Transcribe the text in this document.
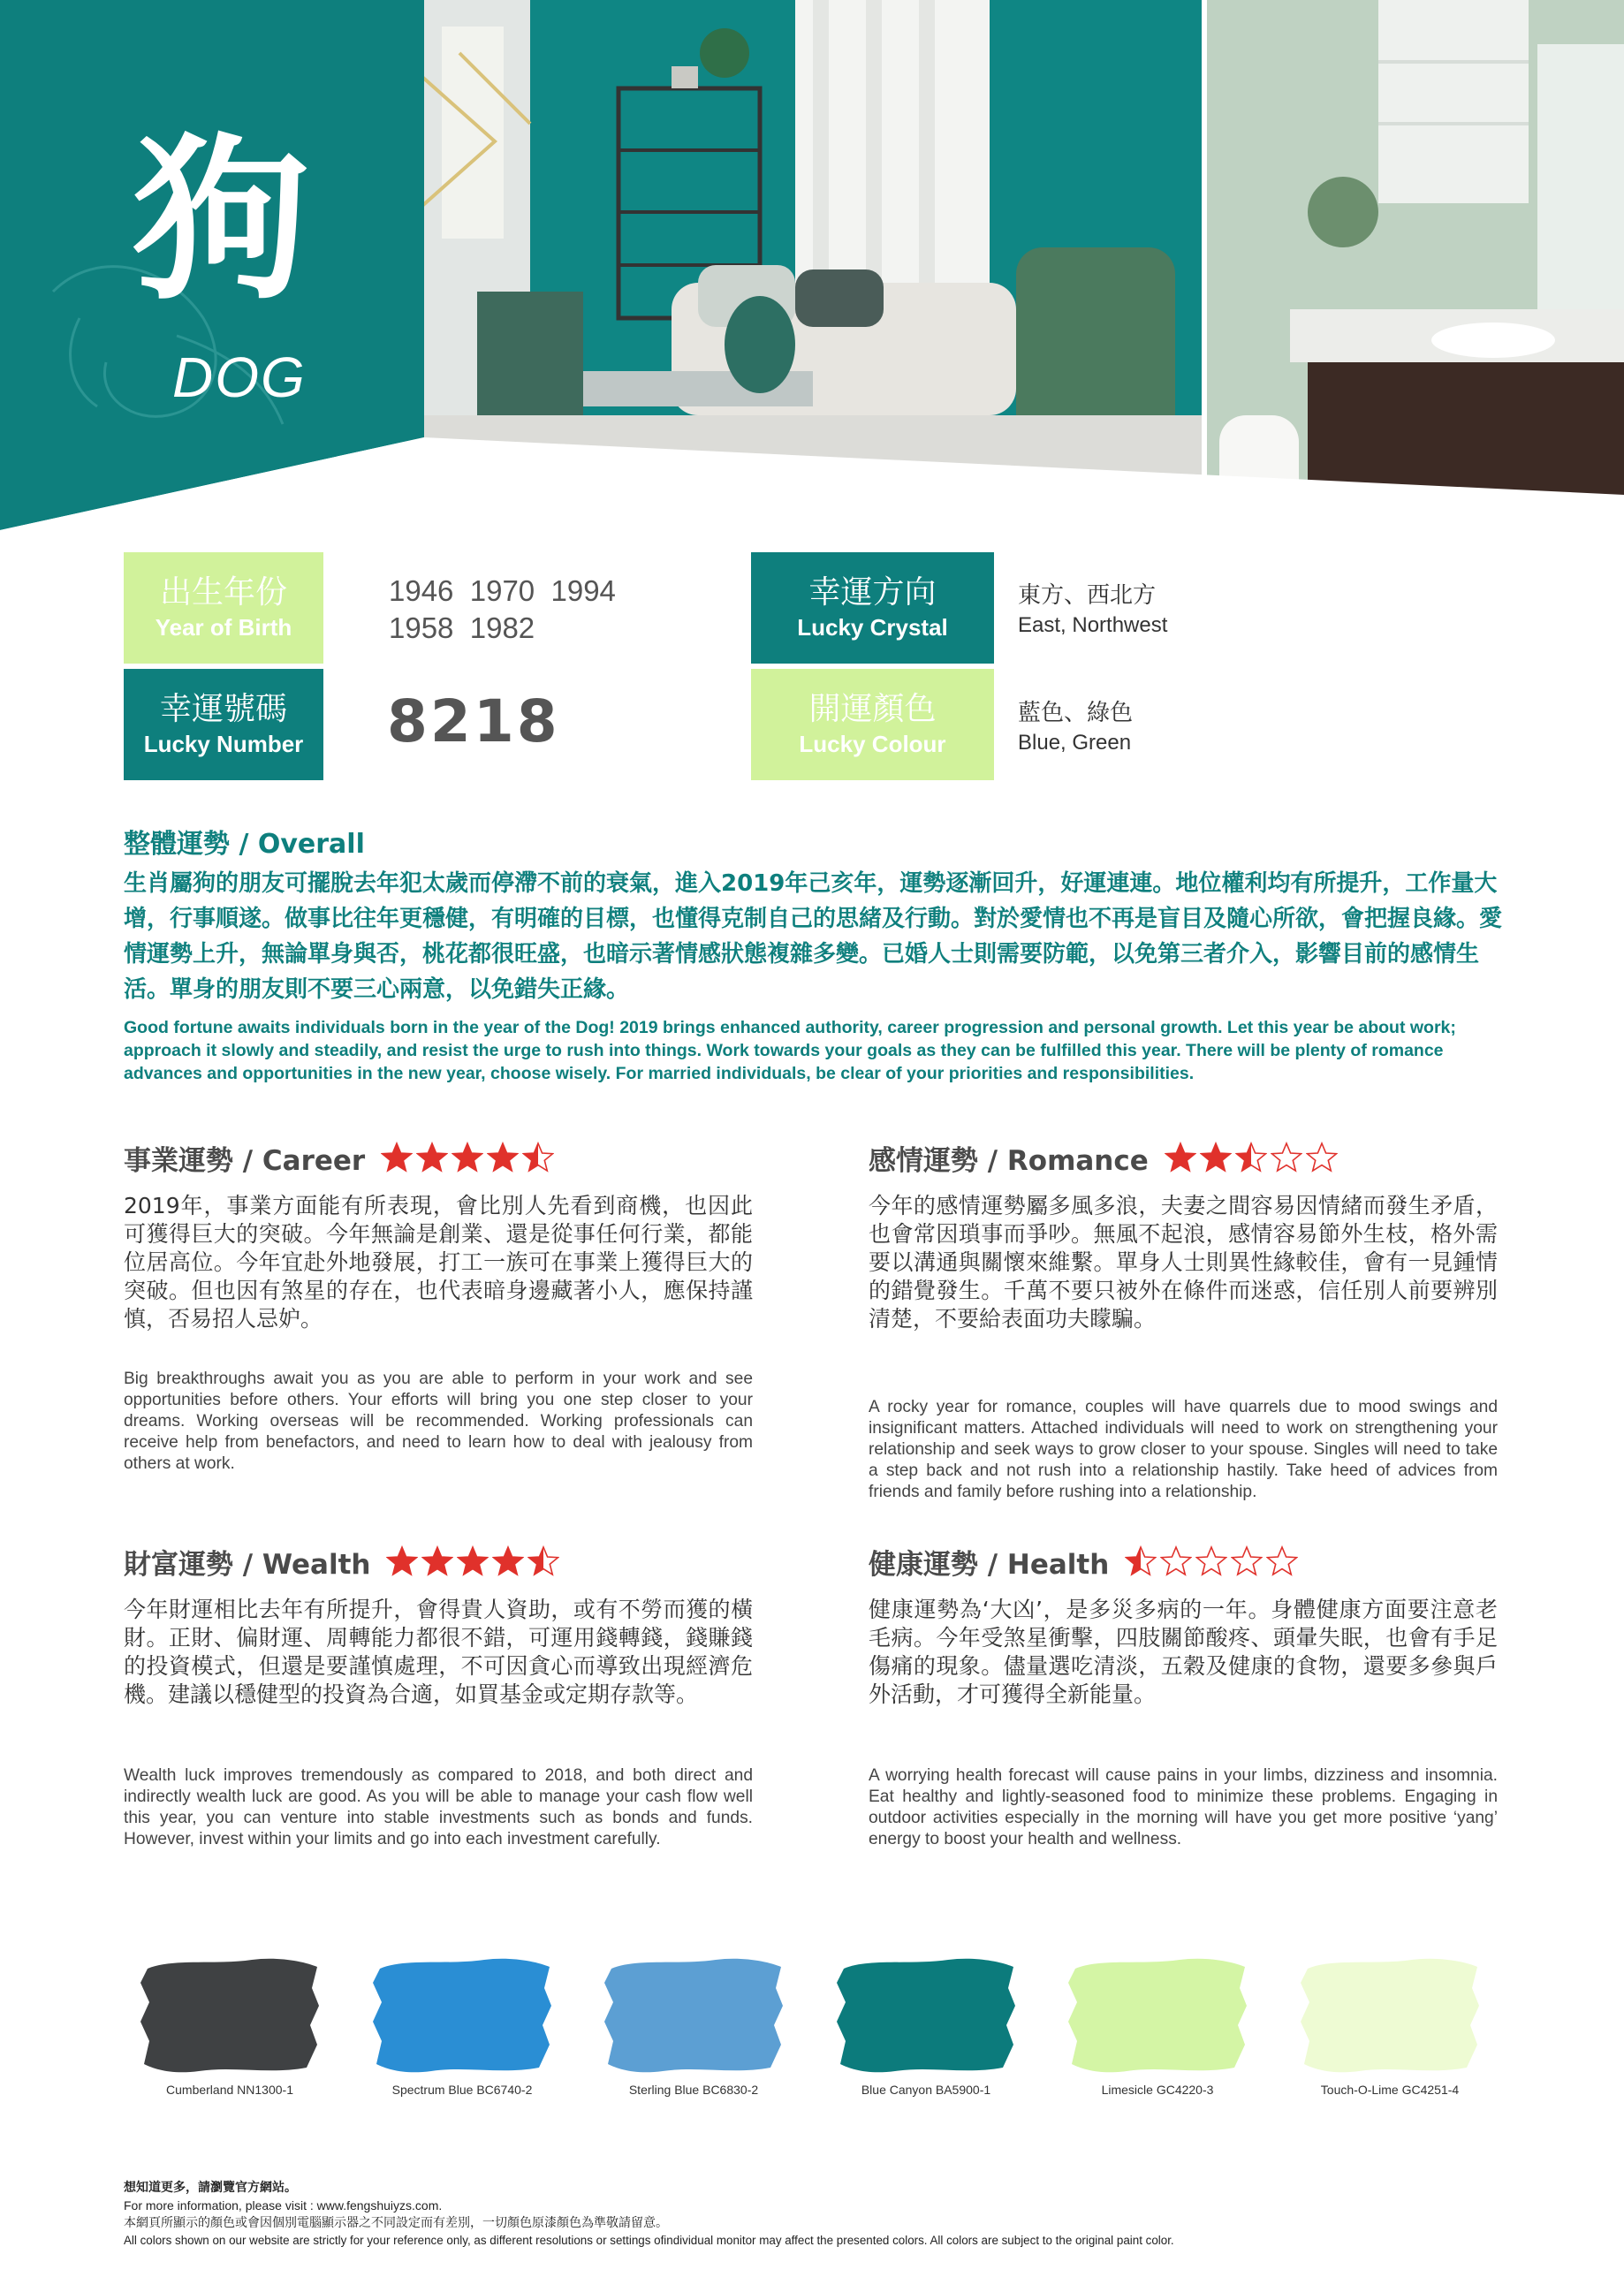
狗
DOG
出生年份
Year of Birth
1946  1970  1994
1958  1982
幸運號碼
Lucky Number 8218
幸運方向
Lucky Crystal
東方、西北方
East, Northwest
開運顏色
Lucky Colour
藍色、綠色
Blue, Green
整體運勢 / Overall
生肖屬狗的朋友可擺脫去年犯太歲而停滯不前的衰氣，進入2019年己亥年，運勢逐漸回升，好運連連。地位權利均有所提升，工作量大增，行事順遂。做事比往年更穩健，有明確的目標，也懂得克制自己的思緒及行動。對於愛情也不再是盲目及隨心所欲，會把握良緣。愛情運勢上升，無論單身與否，桃花都很旺盛，也暗示著情感狀態複雜多變。已婚人士則需要防範，以免第三者介入，影響目前的感情生活。單身的朋友則不要三心兩意，以免錯失正緣。
Good fortune awaits individuals born in the year of the Dog! 2019 brings enhanced authority, career progression and personal growth. Let this year be about work; approach it slowly and steadily, and resist the urge to rush into things. Work towards your goals as they can be fulfilled this year. There will be plenty of romance advances and opportunities in the new year, choose wisely. For married individuals, be clear of your priorities and responsibilities.
事業運勢 / Career
2019年，事業方面能有所表現，會比別人先看到商機，也因此可獲得巨大的突破。今年無論是創業、還是從事任何行業，都能位居高位。今年宜赴外地發展，打工一族可在事業上獲得巨大的突破。但也因有煞星的存在，也代表暗身邊藏著小人，應保持謹慎，否易招人忌妒。
Big breakthroughs await you as you are able to perform in your work and see opportunities before others. Your efforts will bring you one step closer to your dreams. Working overseas will be recommended. Working professionals can receive help from benefactors, and need to learn how to deal with jealousy from others at work.
感情運勢 / Romance
今年的感情運勢屬多風多浪，夫妻之間容易因情緒而發生矛盾，也會常因瑣事而爭吵。無風不起浪，感情容易節外生枝，格外需要以溝通與關懷來維繫。單身人士則異性緣較佳，會有一見鍾情的錯覺發生。千萬不要只被外在條件而迷惑，信任別人前要辨別清楚，不要給表面功夫矇騙。
A rocky year for romance, couples will have quarrels due to mood swings and insignificant matters. Attached individuals will need to work on strengthening your relationship and seek ways to grow closer to your spouse. Singles will need to take a step back and not rush into a relationship hastily. Take heed of advices from friends and family before rushing into a relationship.
財富運勢 / Wealth
今年財運相比去年有所提升，會得貴人資助，或有不勞而獲的橫財。正財、偏財運、周轉能力都很不錯，可運用錢轉錢，錢賺錢的投資模式，但還是要謹慎處理，不可因貪心而導致出現經濟危機。建議以穩健型的投資為合適，如買基金或定期存款等。
Wealth luck improves tremendously as compared to 2018, and both direct and indirectly wealth luck are good. As you will be able to manage your cash flow well this year, you can venture into stable investments such as bonds and funds. However, invest within your limits and go into each investment carefully.
健康運勢 / Health
健康運勢為‘大凶’，是多災多病的一年。身體健康方面要注意老毛病。今年受煞星衝擊，四肢關節酸疼、頭暈失眠，也會有手足傷痛的現象。儘量選吃清淡，五穀及健康的食物，還要多參與戶外活動，才可獲得全新能量。
A worrying health forecast will cause pains in your limbs, dizziness and insomnia. Eat healthy and lightly-seasoned food to minimize these problems. Engaging in outdoor activities especially in the morning will have you get more positive ‘yang’ energy to boost your health and wellness.
Cumberland NN1300-1	Spectrum Blue BC6740-2	Sterling Blue BC6830-2	Blue Canyon BA5900-1	Limesicle GC4220-3	Touch-O-Lime GC4251-4
想知道更多，請瀏覽官方網站。
For more information, please visit : www.fengshuiyzs.com.
本網頁所顯示的顏色或會因個別電腦顯示器之不同設定而有差別，一切顏色原漆顏色為準敬請留意。
All colors shown on our website are strictly for your reference only, as different resolutions or settings ofindividual monitor may affect the presented colors. All colors are subject to the original paint color.
